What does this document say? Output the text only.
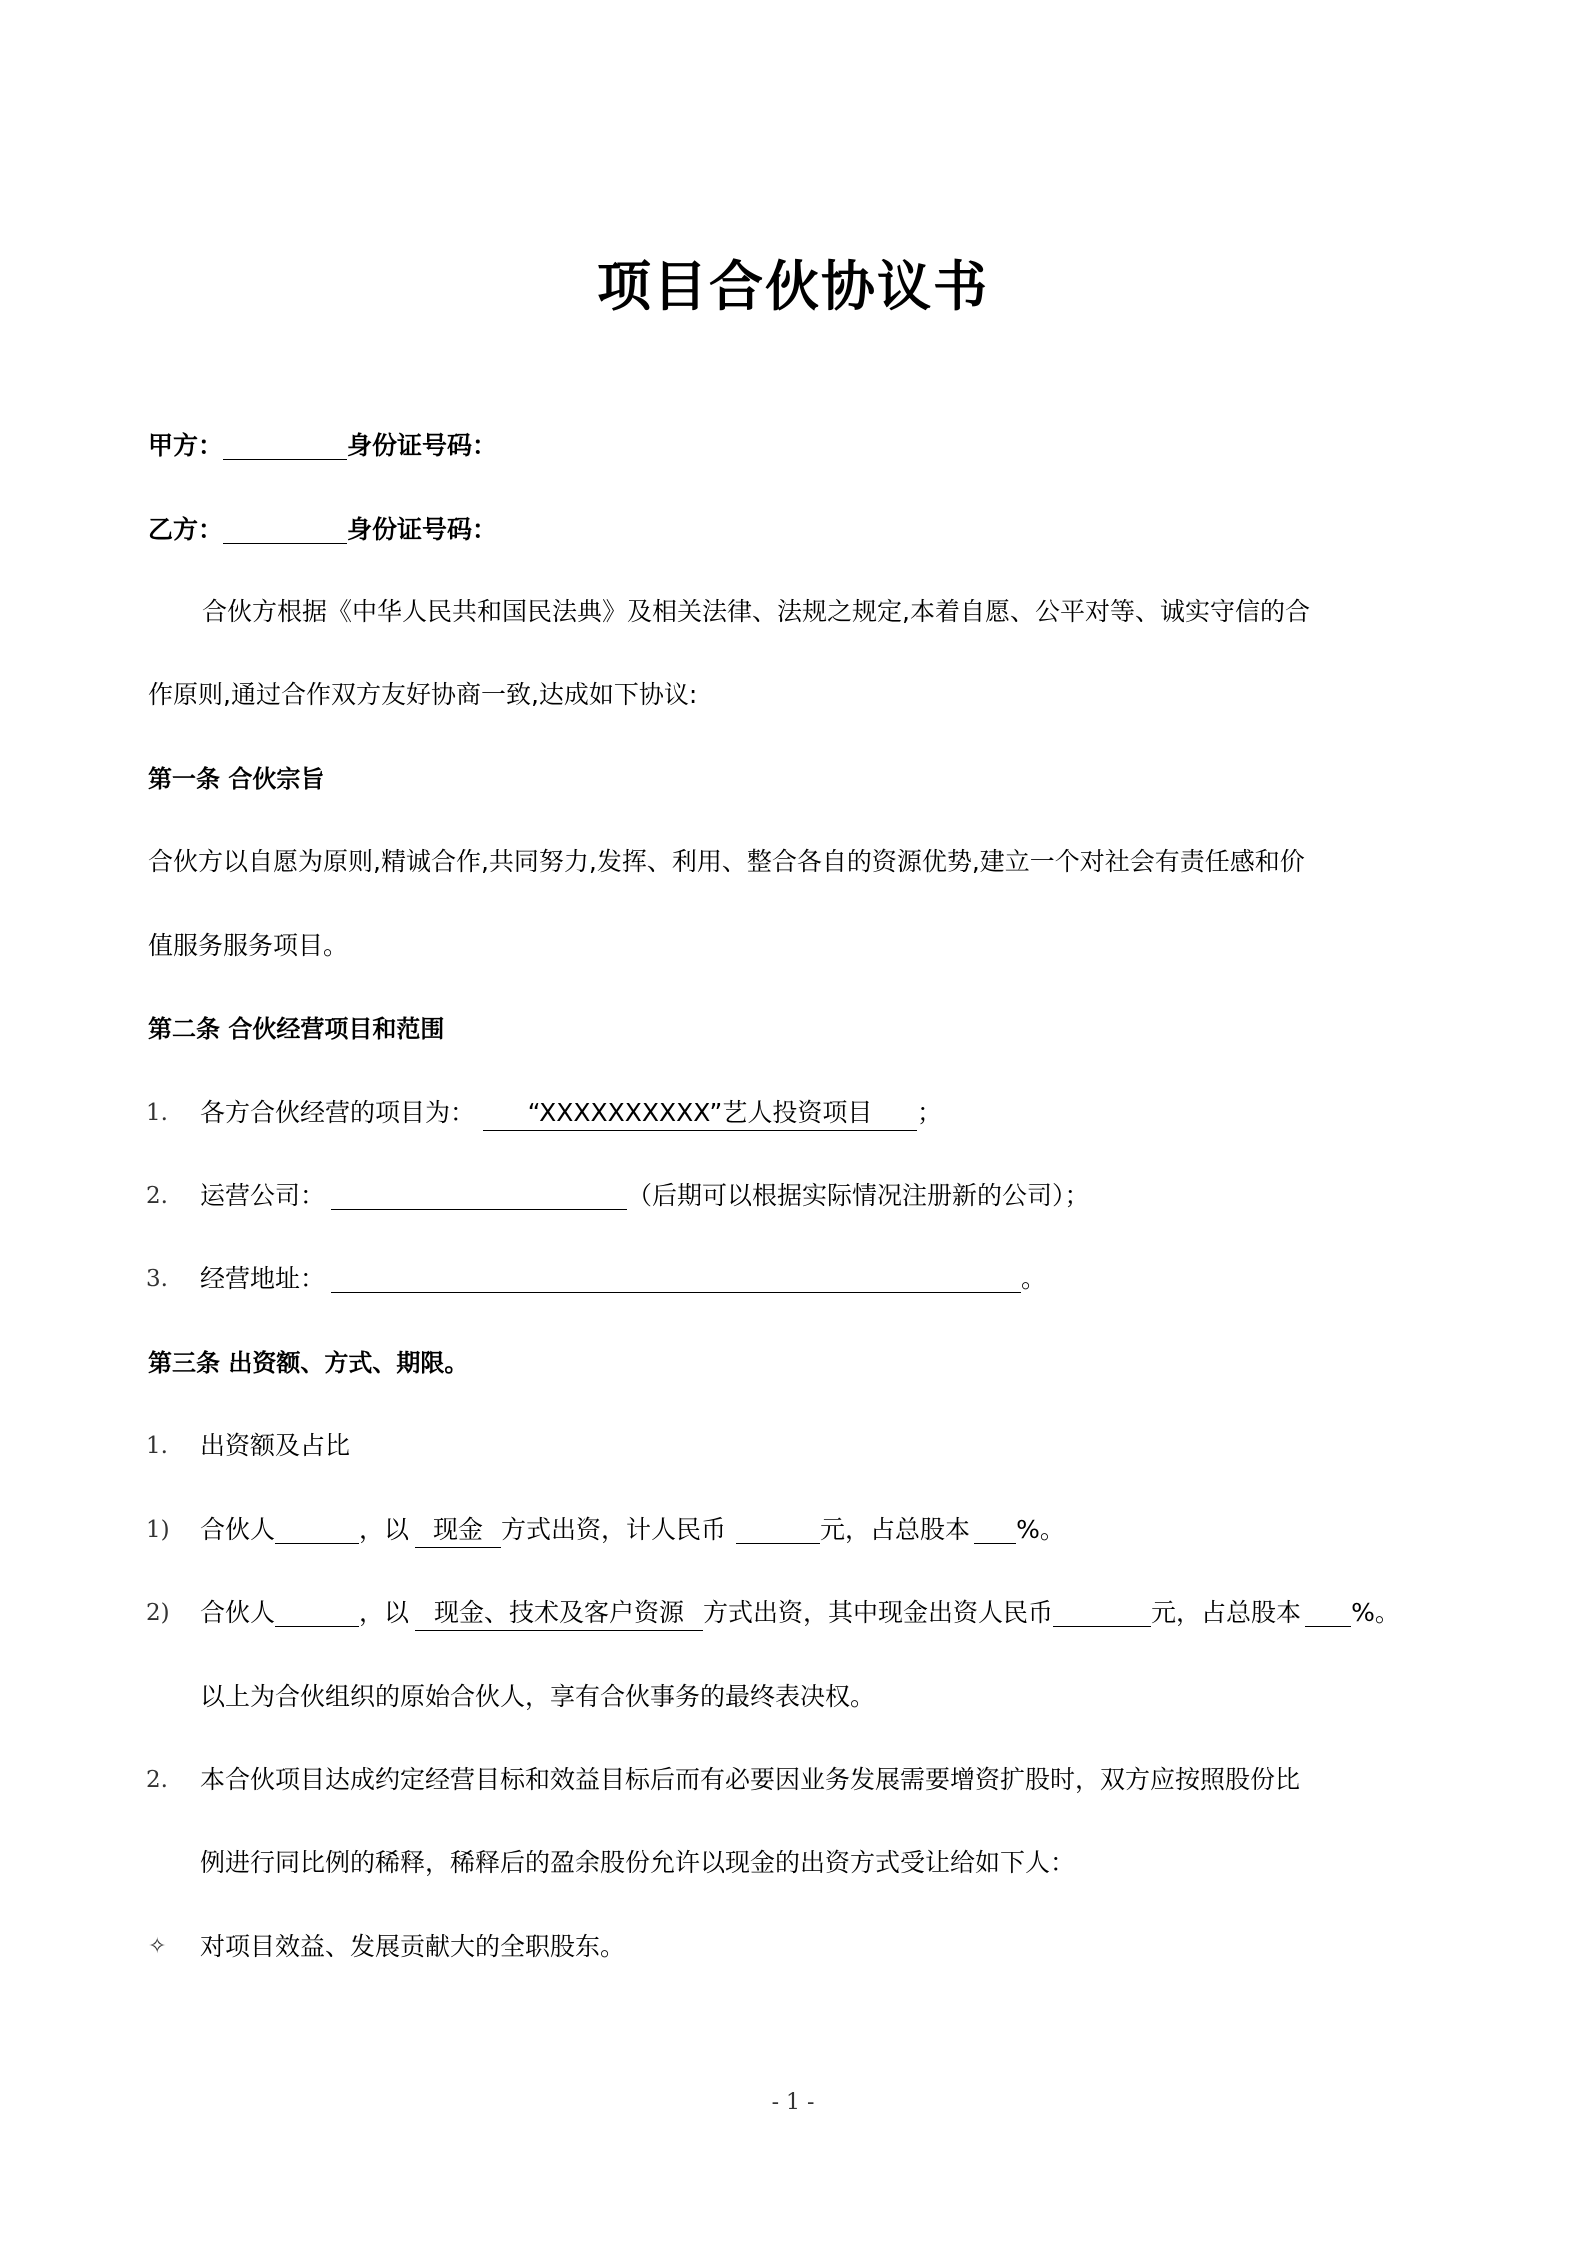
项目合伙协议书
甲方：	身份证号码：
乙方：	身份证号码：
合伙方根据《中华人民共和国民法典》及相关法律、法规之规定,本着自愿、公平对等、诚实守信的合
作原则,通过合作双方友好协商一致,达成如下协议:
第一条 合伙宗旨
合伙方以自愿为原则,精诚合作,共同努力,发挥、利用、整合各自的资源优势,建立一个对社会有责任感和价
值服务服务项目。
第二条 合伙经营项目和范围
1. 各方合伙经营的项目为： “XXXXXXXXXX”艺人投资项目 ；
2. 运营公司：	（后期可以根据实际情况注册新的公司）；
3. 经营地址：	。
第三条 出资额、方式、期限。
1. 出资额及占比
1) 合伙人	，以 现金 方式出资，计人民币	元，占总股本 %。
2) 合伙人	，以 现金、技术及客户资源 方式出资，其中现金出资人民币	元，占总股本 %。
以上为合伙组织的原始合伙人，享有合伙事务的最终表决权。
2. 本合伙项目达成约定经营目标和效益目标后而有必要因业务发展需要增资扩股时，双方应按照股份比
例进行同比例的稀释，稀释后的盈余股份允许以现金的出资方式受让给如下人：
✧ 对项目效益、发展贡献大的全职股东。
- 1 -
